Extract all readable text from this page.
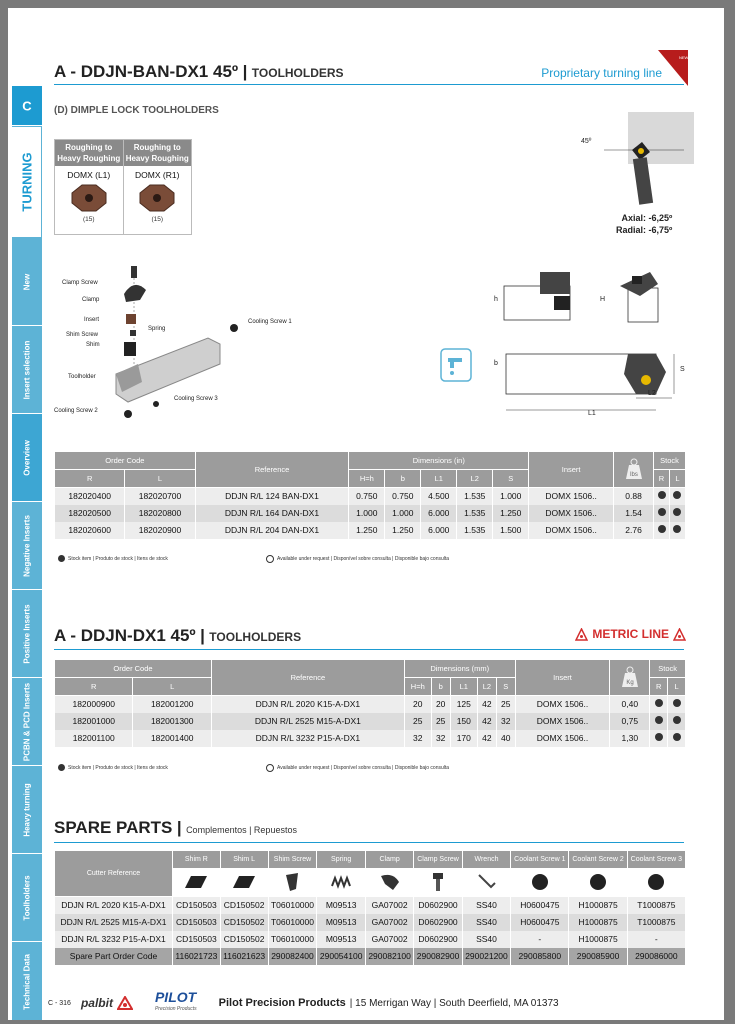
C
TURNING
New
Insert selection
Overview
Negative Inserts
Positive Inserts
PCBN & PCD Inserts
Heavy turning
Toolholders
Technical Data
A - DDJN-BAN-DX1 45º | TOOLHOLDERS	Proprietary turning line
NEW
(D) DIMPLE LOCK TOOLHOLDERS
Roughing to Heavy Roughing
DOMX (L1)
(15)
Roughing to Heavy Roughing
DOMX (R1)
(15)
45º
Axial: -6,25º
Radial: -6,75º
Clamp Screw
Clamp
Insert
Spring
Shim Screw
Shim
Toolholder
Cooling Screw 1
Cooling Screw 2
Cooling Screw 3
h	H
b
S
L2
L1
Order Code		Reference	Dimensions (in)					Insert	lbs	Stock	
R	L		H=h	b	L1	L2	S			R	L
182020400	182020700	DDJN R/L 124 BAN-DX1	0.750	0.750	4.500	1.535	1.000	DOMX 1506..	0.88		
182020500	182020800	DDJN R/L 164 DAN-DX1	1.000	1.000	6.000	1.535	1.250	DOMX 1506..	1.54		
182020600	182020900	DDJN R/L 204 DAN-DX1	1.250	1.250	6.000	1.535	1.500	DOMX 1506..	2.76		
Stock item | Produto de stock | Itens de stock	Available under request | Disponível sobre consulta | Disponible bajo consulta
A - DDJN-DX1 45º | TOOLHOLDERS	METRIC LINE
Order Code		Reference	Dimensions (mm)					Insert	Kg	Stock	
R	L		H=h	b	L1	L2	S			R	L
182000900	182001200	DDJN R/L 2020 K15-A-DX1	20	20	125	42	25	DOMX 1506..	0,40		
182001000	182001300	DDJN R/L 2525 M15-A-DX1	25	25	150	42	32	DOMX 1506..	0,75		
182001100	182001400	DDJN R/L 3232 P15-A-DX1	32	32	170	42	40	DOMX 1506..	1,30		
Stock item | Produto de stock | Itens de stock	Available under request | Disponível sobre consulta | Disponible bajo consulta
SPARE PARTS | Complementos | Repuestos
Cutter Reference	Shim R	Shim L	Shim Screw	Spring	Clamp	Clamp Screw	Wrench	Coolant Screw 1	Coolant Screw 2	Coolant Screw 3

DDJN R/L 2020 K15-A-DX1	CD150503	CD150502	T06010000	M09513	GA07002	D0602900	SS40	H0600475	H1000875	T1000875
DDJN R/L 2525 M15-A-DX1	CD150503	CD150502	T06010000	M09513	GA07002	D0602900	SS40	H0600475	H1000875	T1000875
DDJN R/L 3232 P15-A-DX1	CD150503	CD150502	T06010000	M09513	GA07002	D0602900	SS40	-	H1000875	-
Spare Part Order Code	116021723	116021623	290082400	290054100	290082100	290082900	290021200	290085800	290085900	290086000
C - 316 palbit	PILOT
Precision Products Pilot Precision Products | 15 Merrigan Way | South Deerfield, MA 01373
